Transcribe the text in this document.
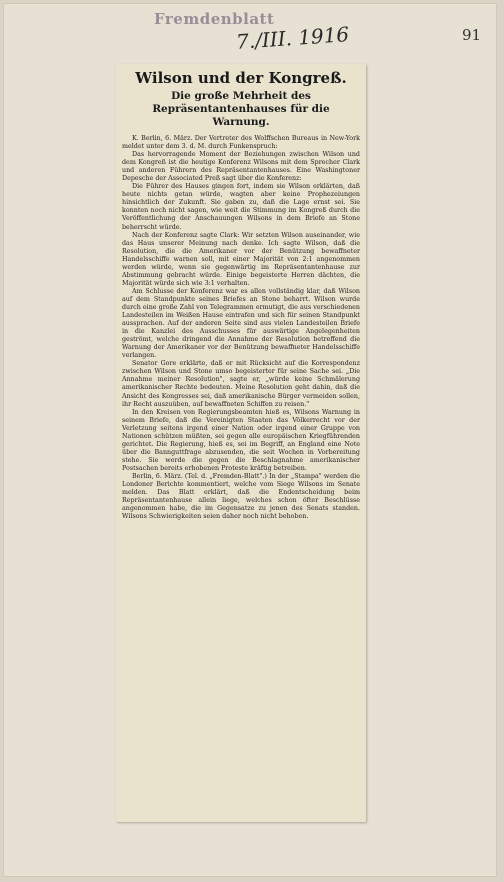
Fremdenblatt
7./III. 1916	91
Wilson und der Kongreß.
Die große Mehrheit des Repräsentantenhauses für die Warnung.

K. Berlin, 6. März. Der Vertreter des Wolffschen Bureaus in New-York meldet unter dem 3. d. M. durch Funkenspruch:

Das hervorragende Moment der Beziehungen zwischen Wilson und dem Kongreß ist die heutige Konferenz Wilsons mit dem Sprecher Clark und anderen Führern des Repräsentantenhauses. Eine Washingtoner Depesche der Associated Preß sagt über die Konferenz:

Die Führer des Hauses gingen fort, indem sie Wilson erklärten, daß heute nichts getan würde, wagten aber keine Prophezeiungen hinsichtlich der Zukunft. Sie gaben zu, daß die Lage ernst sei. Sie konnten noch nicht sagen, wie weit die Stimmung im Kongreß durch die Veröffentlichung der Anschauungen Wilsons in dem Briefe an Stone beherrscht würde.

Nach der Konferenz sagte Clark: Wir setzten Wilson auseinander, wie das Haus unserer Meinung nach denke. Ich sagte Wilson, daß die Resolution, die die Amerikaner vor der Benützung bewaffneter Handelsschiffe warnen soll, mit einer Majorität von 2:1 angenommen werden würde, wenn sie gegenwärtig im Repräsentantenhause zur Abstimmung gebracht würde. Einige begeisterte Herren dächten, die Majorität würde sich wie 3:1 verhalten.

Am Schlusse der Konferenz war es allen vollständig klar, daß Wilson auf dem Standpunkte seines Briefes an Stone beharrt. Wilson wurde durch eine große Zahl von Telegrammen ermutigt, die aus verschiedenen Landesteilen im Weißen Hause eintrafen und sich für seinen Standpunkt aussprachen. Auf der anderen Seite sind aus vielen Landesteilen Briefe in die Kanzlei des Ausschusses für auswärtige Angelegenheiten geströmt, welche dringend die Annahme der Resolution betreffend die Warnung der Amerikaner vor der Benützung bewaffneter Handelsschiffe verlangen.

Senator Gore erklärte, daß er mit Rücksicht auf die Korrespondenz zwischen Wilson und Stone umso begeisterter für seine Sache sei. „Die Annahme meiner Resolution", sagte er, „würde keine Schmälerung amerikanischer Rechte bedeuten. Meine Resolution geht dahin, daß die Ansicht des Kongresses sei, daß amerikanische Bürger vermeiden sollen, ihr Recht auszuüben, auf bewaffneten Schiffen zu reisen."

In den Kreisen von Regierungsbeamten hieß es, Wilsons Warnung in seinem Briefe, daß die Vereinigten Staaten das Völkerrecht vor der Verletzung seitens irgend einer Nation oder irgend einer Gruppe von Nationen schützen müßten, sei gegen alle europäischen Kriegführenden gerichtet. Die Regierung, hieß es, sei im Begriff, an England eine Note über die Bannguttfrage abzusenden, die seit Wochen in Vorbereitung stehe. Sie werde die gegen die Beschlagnahme amerikanischer Postsachen bereits erhobenen Proteste kräftig betreiben.

Berlin, 6. März. (Tel. d. „Fremden-Blatt".) In der „Stampa" werden die Londoner Berichte kommentiert, welche vom Siege Wilsons im Senate melden. Das Blatt erklärt, daß die Endentscheidung beim Repräsentantenhause allein liege, welches schon öfter Beschlüsse angenommen habe, die im Gegensatze zu jenen des Senats standen. Wilsons Schwierigkeiten seien daher noch nicht behoben.
